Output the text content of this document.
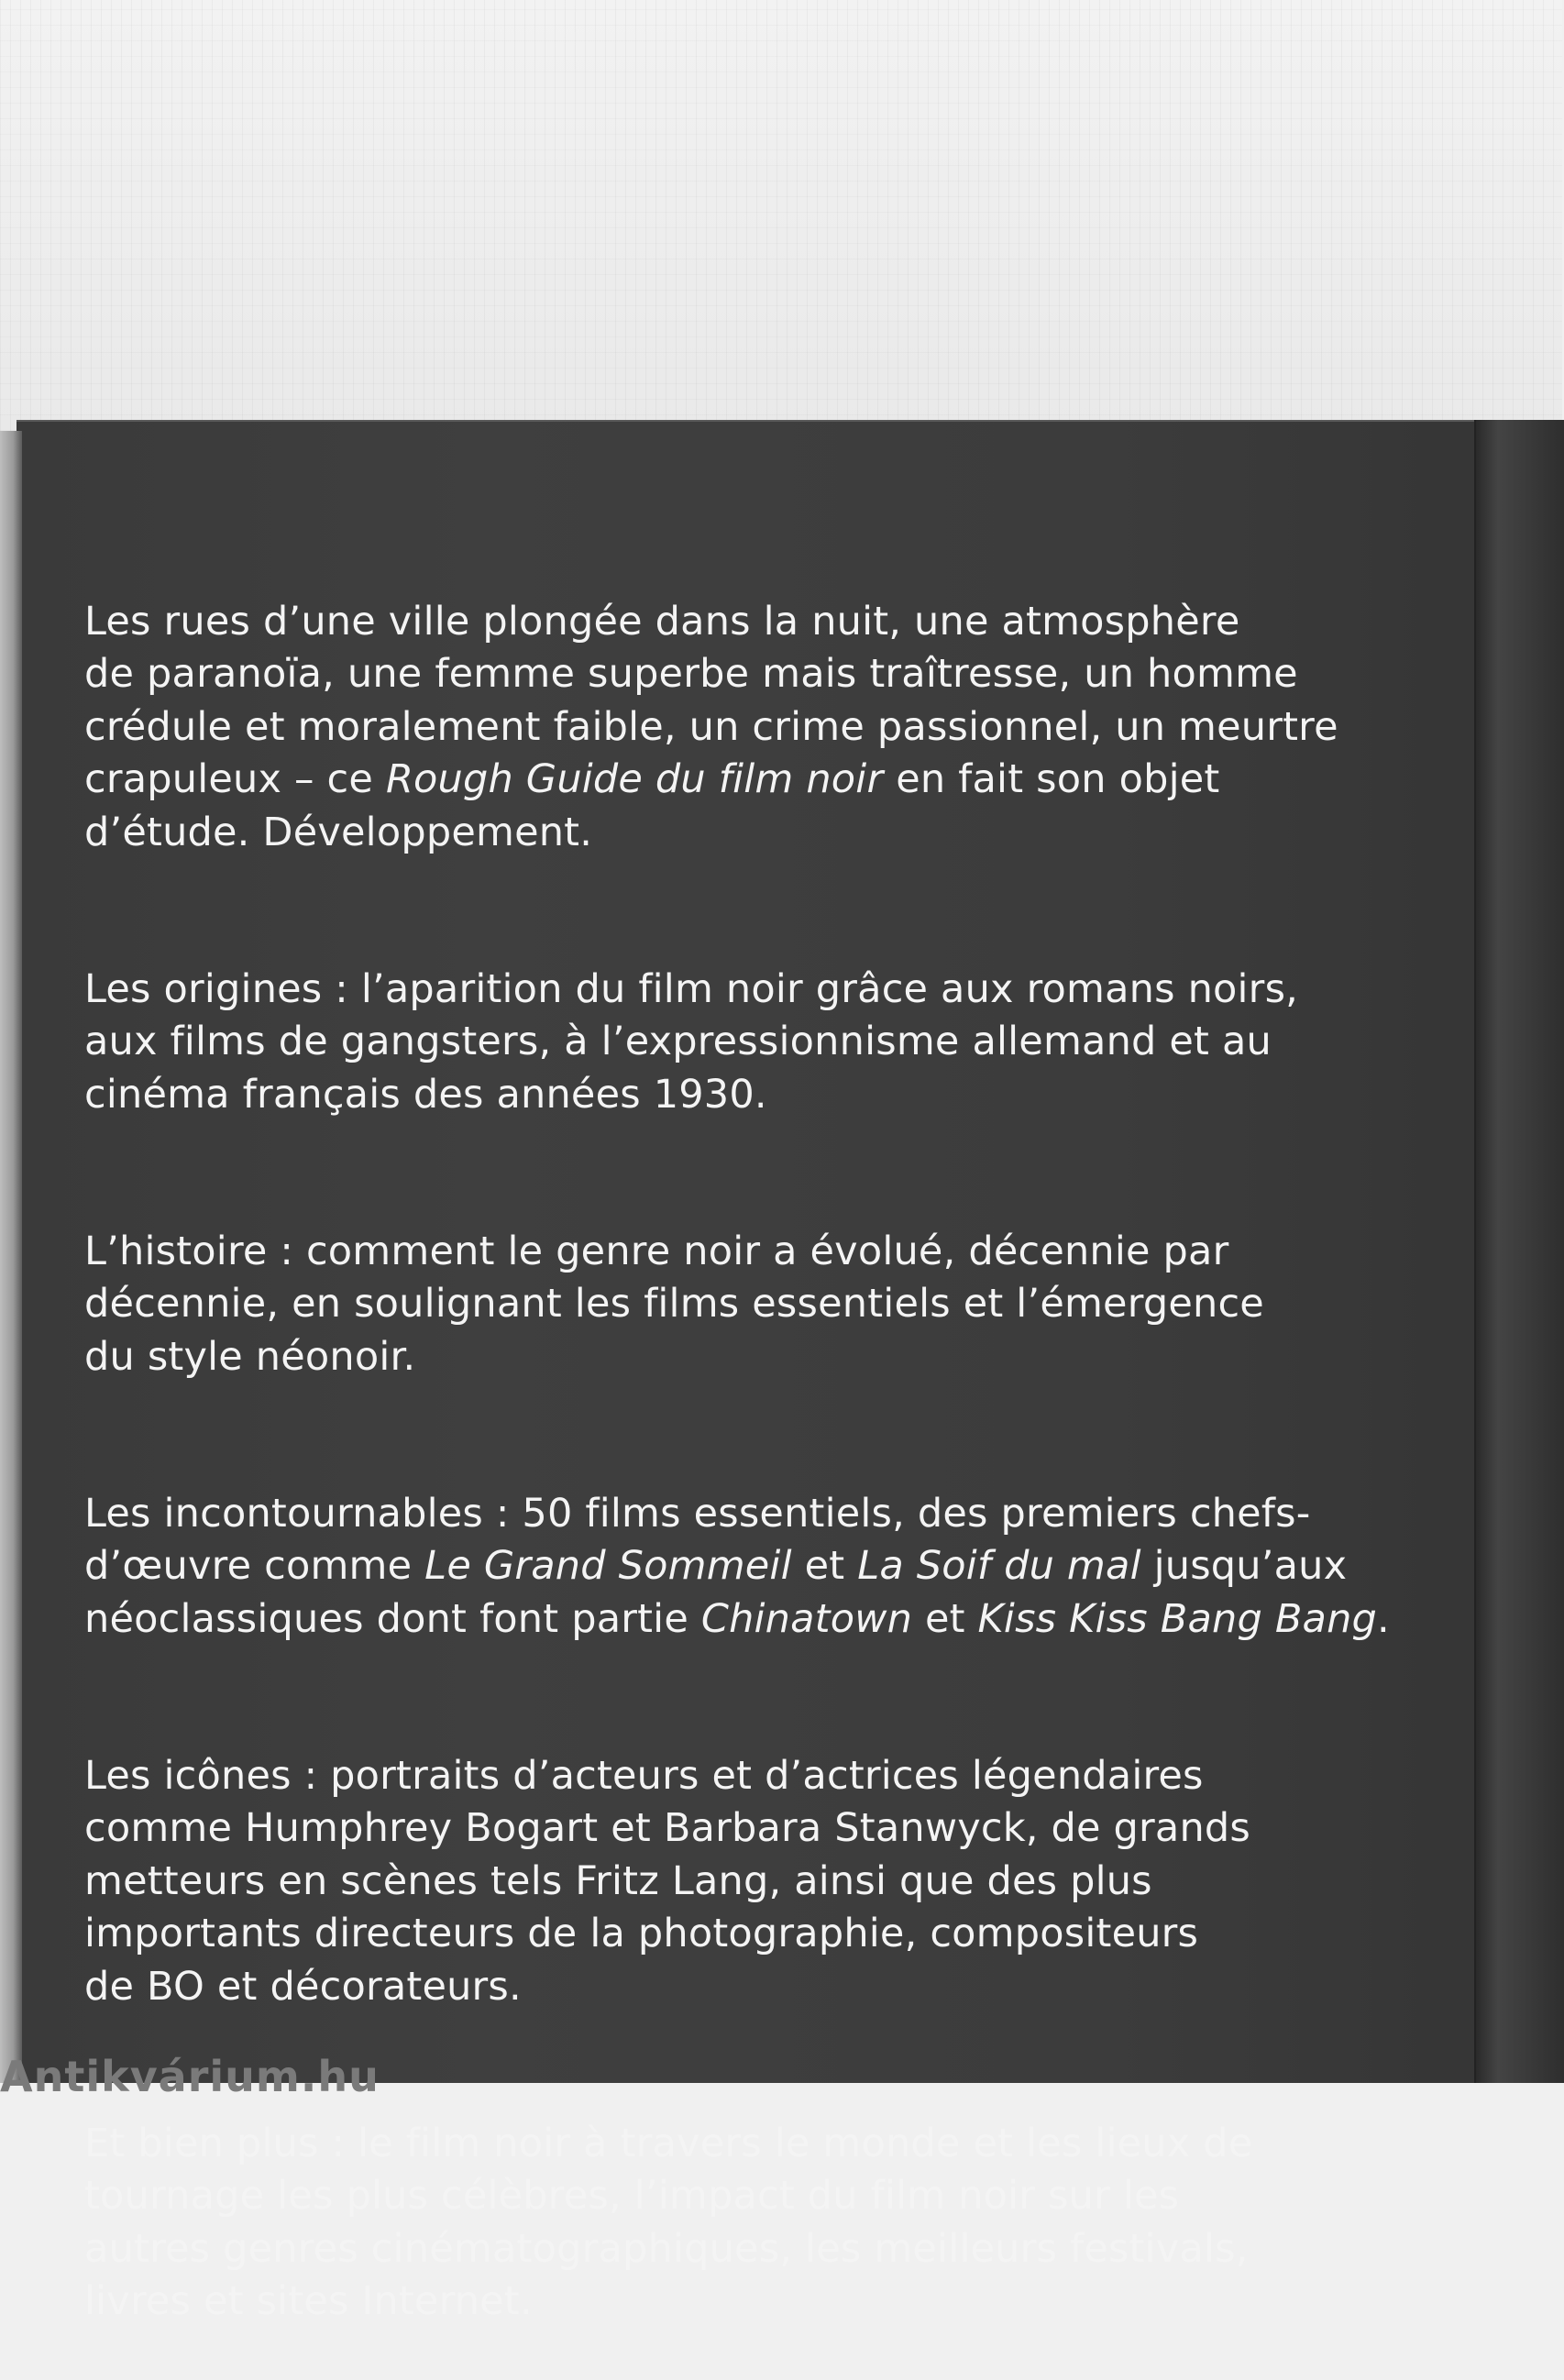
Les rues d’une ville plongée dans la nuit, une atmosphère
de paranoïa, une femme superbe mais traîtresse, un homme
crédule et moralement faible, un crime passionnel, un meurtre
crapuleux – ce Rough Guide du film noir en fait son objet
d’étude. Développement.

Les origines : l’aparition du film noir grâce aux romans noirs,
aux films de gangsters, à l’expressionnisme allemand et au
cinéma français des années 1930.

L’histoire : comment le genre noir a évolué, décennie par
décennie, en soulignant les films essentiels et l’émergence
du style néonoir.

Les incontournables : 50 films essentiels, des premiers chefs-
d’œuvre comme Le Grand Sommeil et La Soif du mal jusqu’aux
néoclassiques dont font partie Chinatown et Kiss Kiss Bang Bang.

Les icônes : portraits d’acteurs et d’actrices légendaires
comme Humphrey Bogart et Barbara Stanwyck, de grands
metteurs en scènes tels Fritz Lang, ainsi que des plus
importants directeurs de la photographie, compositeurs
de BO et décorateurs.

Et bien plus : le film noir à travers le monde et les lieux de
tournage les plus célèbres, l’impact du film noir sur les
autres genres cinématographiques, les meilleurs festivals,
livres et sites Internet.

Antikvárium.hu
